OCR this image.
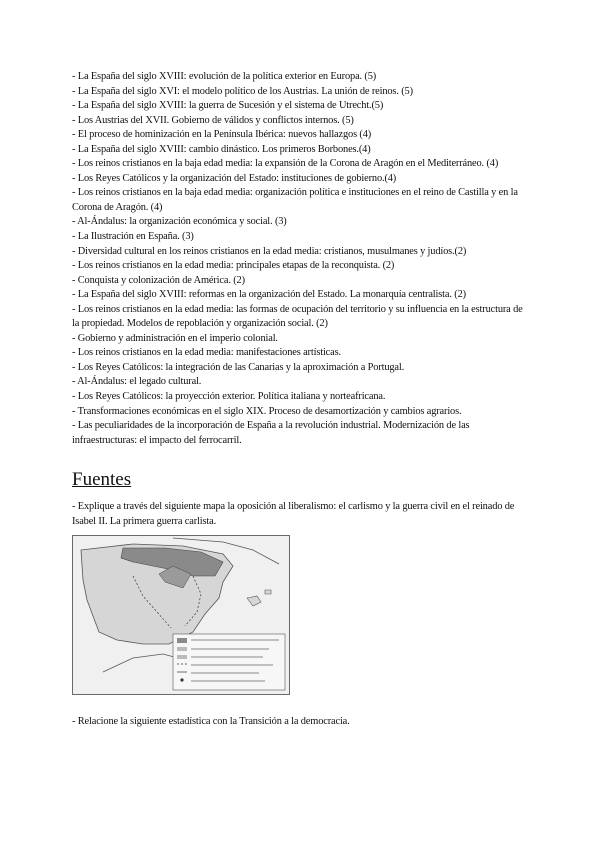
- La España del siglo XVIII: evolución de la política exterior en Europa. (5)

- La España del siglo XVI: el modelo político de los Austrias. La unión de reinos. (5)

- La España del siglo XVIII: la guerra de Sucesión y el sistema de Utrecht.(5)

- Los Austrias del XVII. Gobierno de válidos y conflictos internos. (5)

- El proceso de hominización en la Península Ibérica: nuevos hallazgos (4)

- La España del siglo XVIII: cambio dinástico. Los primeros Borbones.(4)

- Los reinos cristianos en la baja edad media: la expansión de la Corona de Aragón en el Mediterráneo. (4)

- Los Reyes Católicos y la organización del Estado: instituciones de gobierno.(4)

- Los reinos cristianos en la baja edad media: organización política e instituciones en el reino de Castilla y en la Corona de Aragón. (4)

- Al-Ándalus: la organización económica y social. (3)

- La Ilustración en España. (3)

- Diversidad cultural en los reinos cristianos en la edad media: cristianos, musulmanes y judíos.(2)

- Los reinos cristianos en la edad media: principales etapas de la reconquista. (2)

- Conquista y colonización de América. (2)

- La España del siglo XVIII: reformas en la organización del Estado. La monarquía centralista. (2)

- Los reinos cristianos en la edad media: las formas de ocupación del territorio y su influencia en la estructura de la propiedad. Modelos de repoblación y organización social. (2)

- Gobierno y administración en el imperio colonial.

- Los reinos cristianos en la edad media: manifestaciones artísticas.

- Los Reyes Católicos: la integración de las Canarias y la aproximación a Portugal.

- Al-Ándalus: el legado cultural.

- Los Reyes Católicos: la proyección exterior. Política italiana y norteafricana.

- Transformaciones económicas en el siglo XIX. Proceso de desamortización y cambios agrarios.

- Las peculiaridades de la incorporación de España a la revolución industrial. Modernización de las infraestructuras: el impacto del ferrocarril.

Fuentes

- Explique a través del siguiente mapa la oposición al liberalismo: el carlismo y la guerra civil en el reinado de Isabel II. La primera guerra carlista.

- Relacione la siguiente estadística con la Transición a la democracia.
